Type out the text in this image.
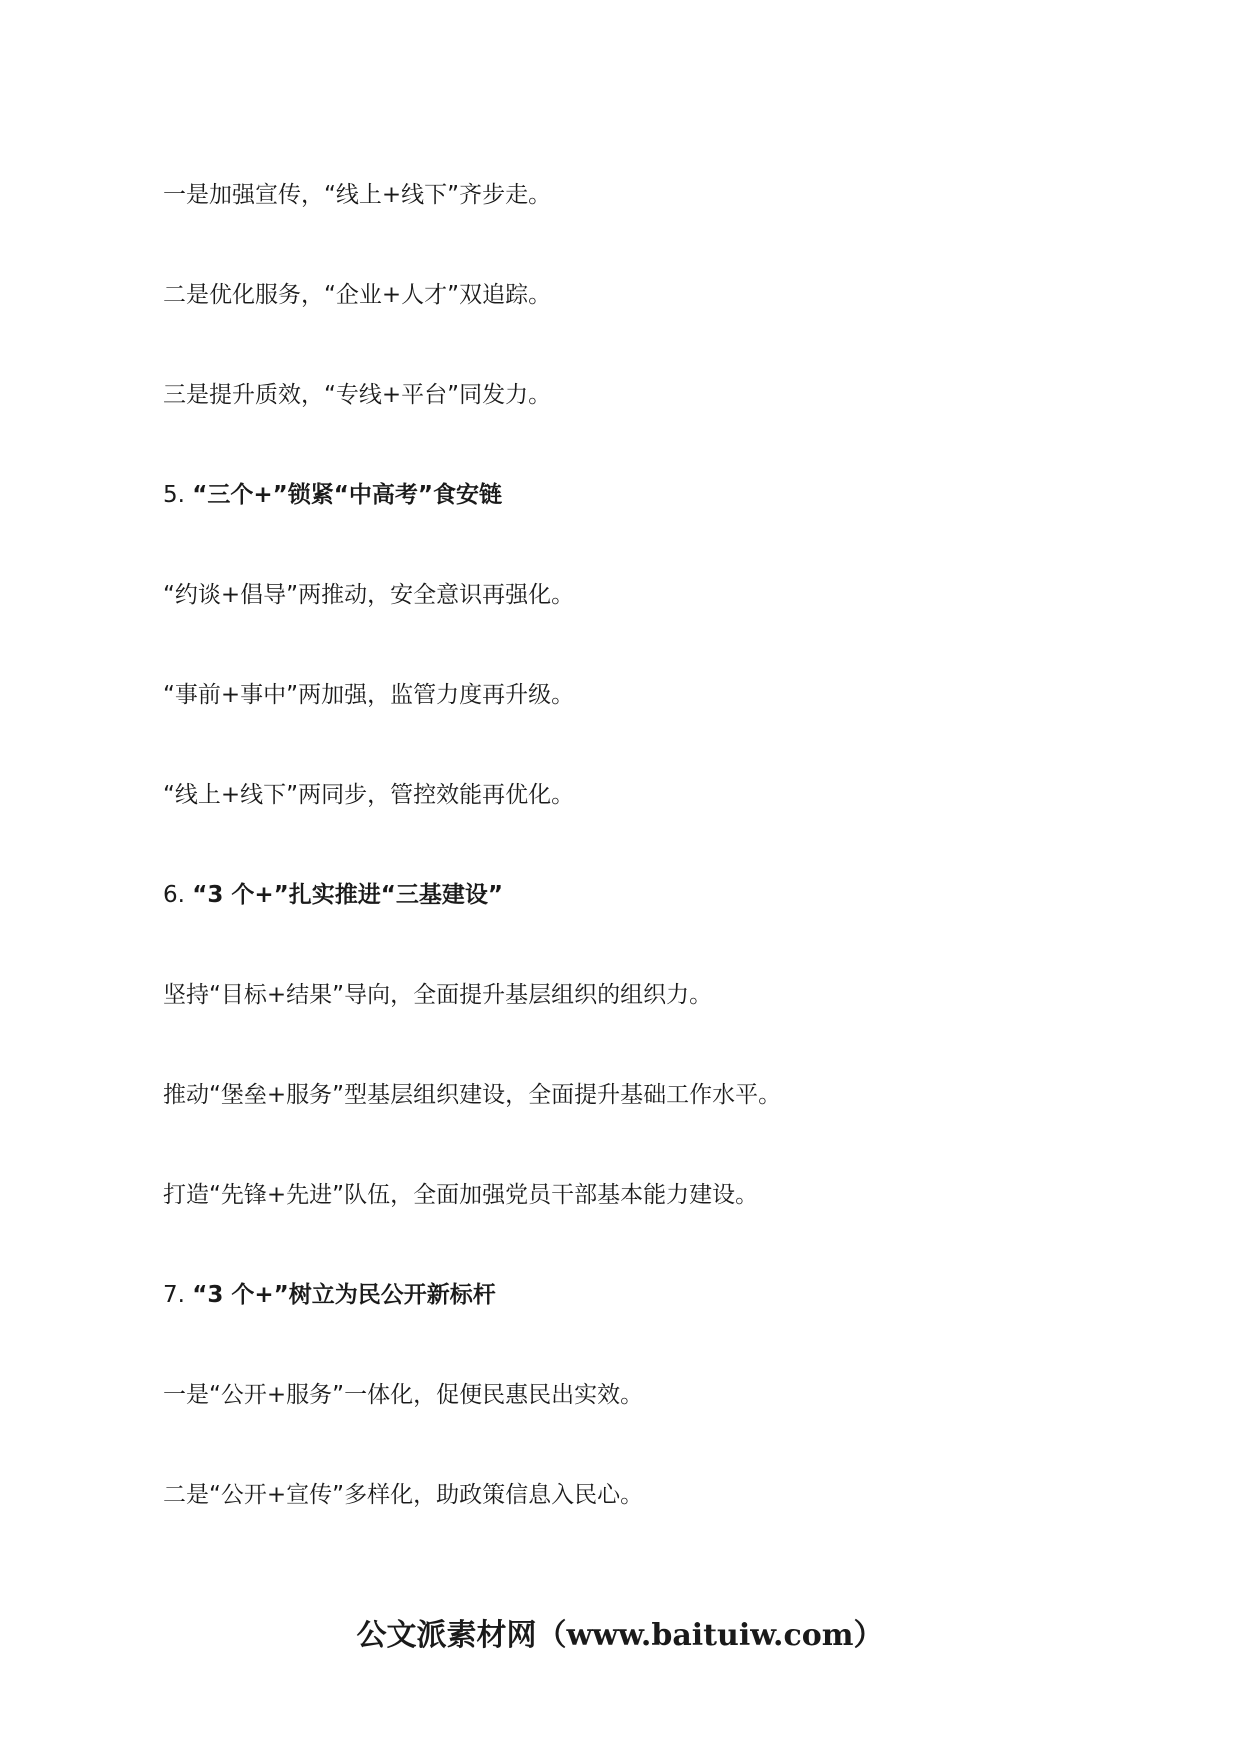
一是加强宣传，“线上+线下”齐步走。
二是优化服务，“企业+人才”双追踪。
三是提升质效，“专线+平台”同发力。
5. “三个+”锁紧“中高考”食安链
“约谈+倡导”两推动，安全意识再强化。
“事前+事中”两加强，监管力度再升级。
“线上+线下”两同步，管控效能再优化。
6. “3 个+”扎实推进“三基建设”
坚持“目标+结果”导向，全面提升基层组织的组织力。
推动“堡垒+服务”型基层组织建设，全面提升基础工作水平。
打造“先锋+先进”队伍，全面加强党员干部基本能力建设。
7. “3 个+”树立为民公开新标杆
一是“公开+服务”一体化，促便民惠民出实效。
二是“公开+宣传”多样化，助政策信息入民心。
公文派素材网（www.baituiw.com）
